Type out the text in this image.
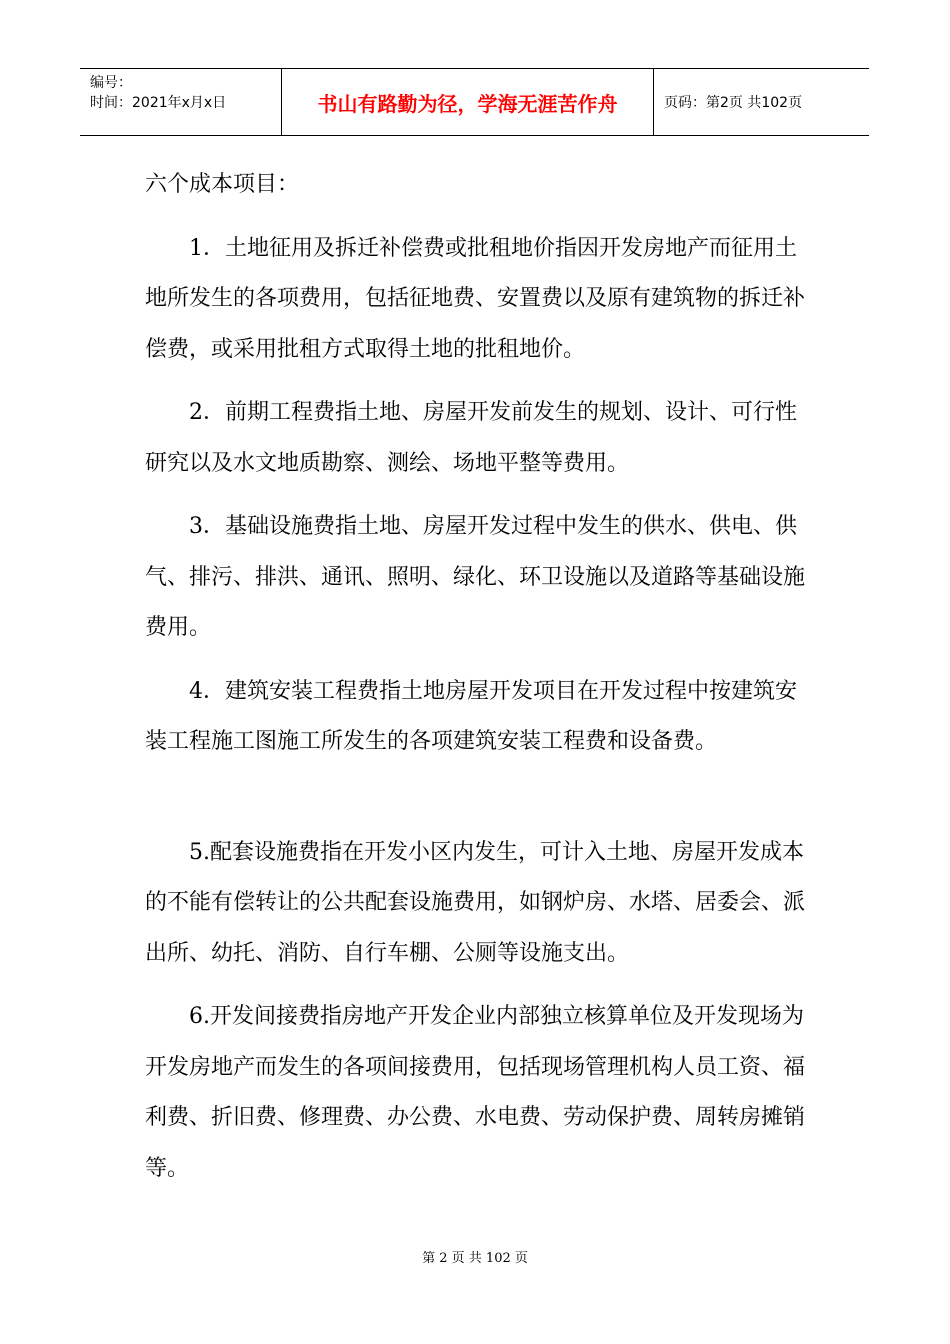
编号：
时间：2021年x月x日	书山有路勤为径，学海无涯苦作舟	页码：第2页 共102页

六个成本项目：

1．土地征用及拆迁补偿费或批租地价指因开发房地产而征用土地所发生的各项费用，包括征地费、安置费以及原有建筑物的拆迁补偿费，或采用批租方式取得土地的批租地价。

2．前期工程费指土地、房屋开发前发生的规划、设计、可行性研究以及水文地质勘察、测绘、场地平整等费用。

3．基础设施费指土地、房屋开发过程中发生的供水、供电、供气、排污、排洪、通讯、照明、绿化、环卫设施以及道路等基础设施费用。

4．建筑安装工程费指土地房屋开发项目在开发过程中按建筑安装工程施工图施工所发生的各项建筑安装工程费和设备费。

5.配套设施费指在开发小区内发生，可计入土地、房屋开发成本的不能有偿转让的公共配套设施费用，如钢炉房、水塔、居委会、派出所、幼托、消防、自行车棚、公厕等设施支出。

6.开发间接费指房地产开发企业内部独立核算单位及开发现场为开发房地产而发生的各项间接费用，包括现场管理机构人员工资、福利费、折旧费、修理费、办公费、水电费、劳动保护费、周转房摊销等。

第 2 页 共 102 页
